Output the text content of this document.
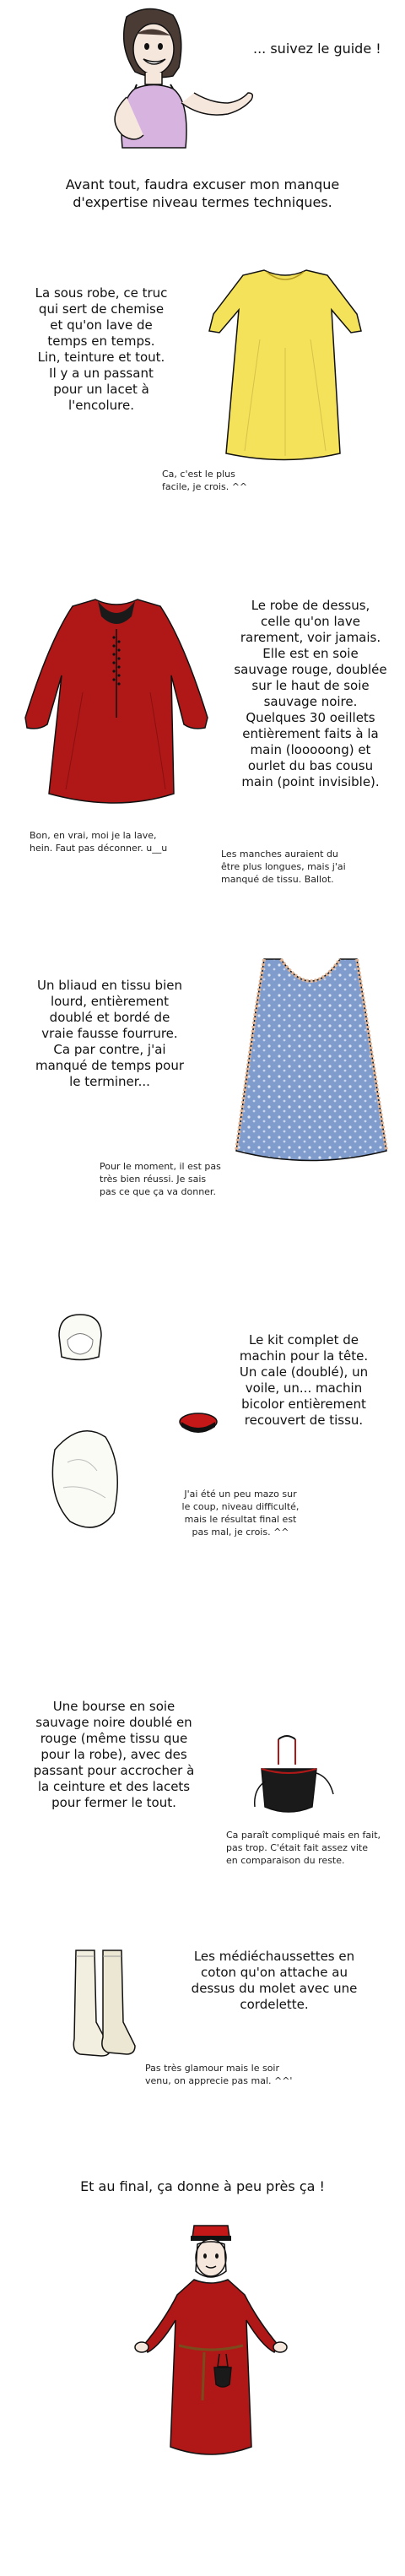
... suivez le guide !
Avant tout, faudra excuser mon manque
d'expertise niveau termes techniques.
La sous robe, ce truc
qui sert de chemise
et qu'on lave de
temps en temps.
Lin, teinture et tout.
Il y a un passant
pour un lacet à
l'encolure.
Ca, c'est le plus
facile, je crois. ^^
Le robe de dessus,
celle qu'on lave
rarement, voir jamais.
Elle est en soie
sauvage rouge, doublée
sur le haut de soie
sauvage noire.
Quelques 30 oeillets
entièrement faits à la
main (looooong) et
ourlet du bas cousu
main (point invisible).
Bon, en vrai, moi je la lave,
hein. Faut pas déconner. u__u
Les manches auraient du
être plus longues, mais j'ai
manqué de tissu. Ballot.
Un bliaud en tissu bien
lourd, entièrement
doublé et bordé de
vraie fausse fourrure.
Ca par contre, j'ai
manqué de temps pour
le terminer...
Pour le moment, il est pas
très bien réussi. Je sais
pas ce que ça va donner.
Le kit complet de
machin pour la tête.
Un cale (doublé), un
voile, un... machin
bicolor entièrement
recouvert de tissu.
J'ai été un peu mazo sur
le coup, niveau difficulté,
mais le résultat final est
pas mal, je crois. ^^
Une bourse en soie
sauvage noire doublé en
rouge (même tissu que
pour la robe), avec des
passant pour accrocher à
la ceinture et des lacets
pour fermer le tout.
Ca paraît compliqué mais en fait,
pas trop. C'était fait assez vite
en comparaison du reste.
Les médiéchaussettes en
coton qu'on attache au
dessus du molet avec une
cordelette.
Pas très glamour mais le soir
venu, on apprecie pas mal. ^^'
Et au final, ça donne à peu près ça !
